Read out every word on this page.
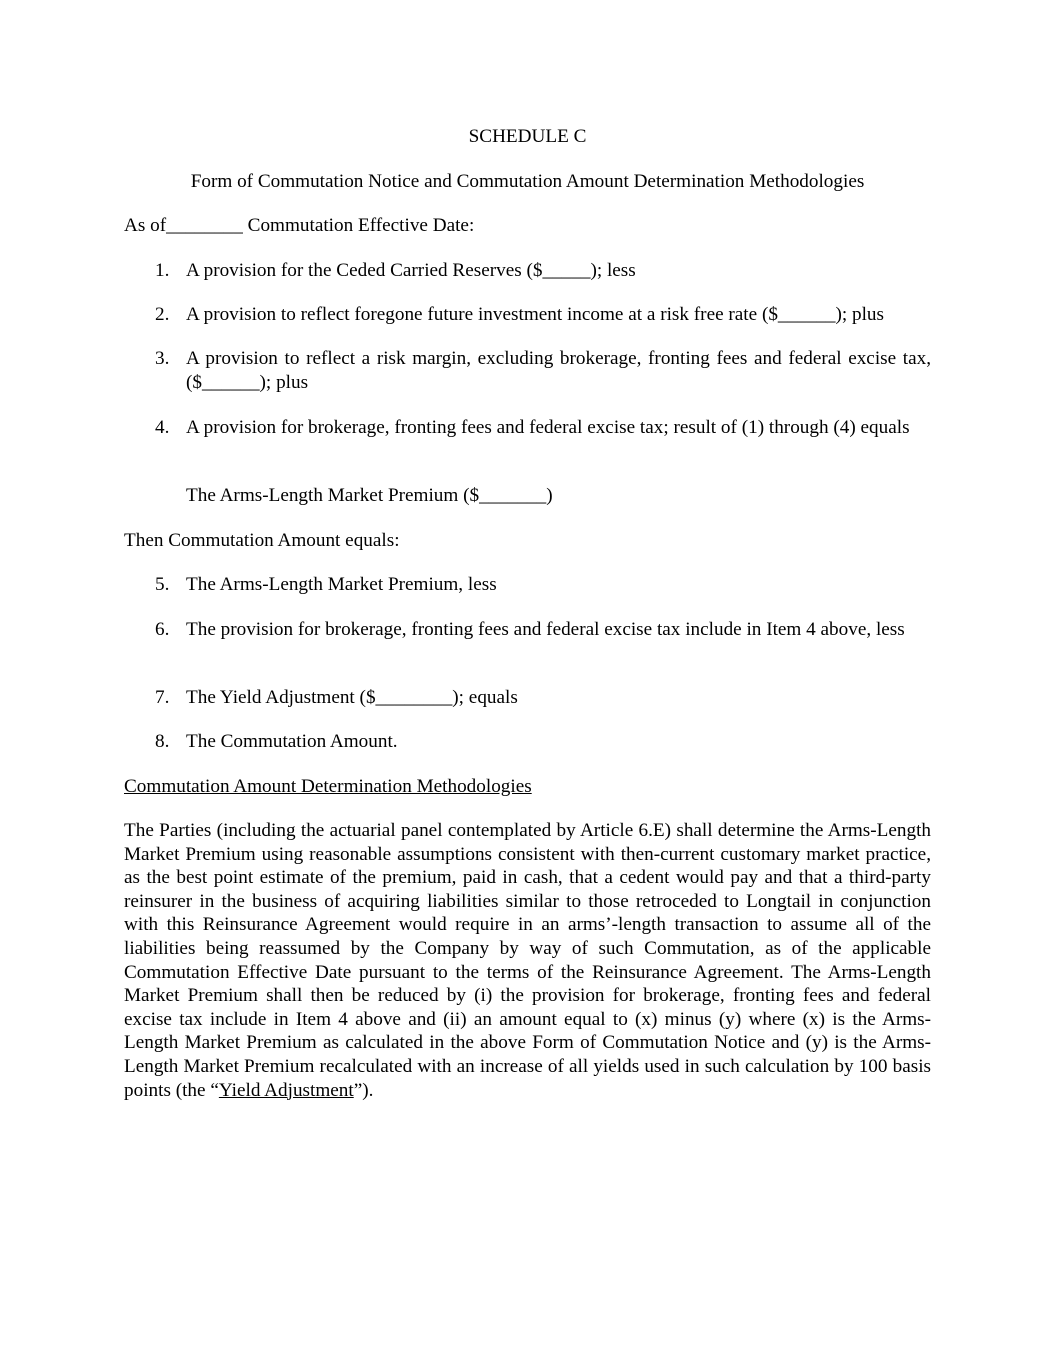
SCHEDULE C
Form of Commutation Notice and Commutation Amount Determination Methodologies
As of________ Commutation Effective Date:
1. A provision for the Ceded Carried Reserves ($_____); less
2. A provision to reflect foregone future investment income at a risk free rate ($______); plus
3. A provision to reflect a risk margin, excluding brokerage, fronting fees and federal excise tax, ($______); plus
4. A provision for brokerage, fronting fees and federal excise tax; result of (1) through (4) equals
The Arms-Length Market Premium ($_______)
Then Commutation Amount equals:
5. The Arms-Length Market Premium, less
6. The provision for brokerage, fronting fees and federal excise tax include in Item 4 above, less
7. The Yield Adjustment ($________); equals
8. The Commutation Amount.
Commutation Amount Determination Methodologies

The Parties (including the actuarial panel contemplated by Article 6.E) shall determine the Arms-Length Market Premium using reasonable assumptions consistent with then-current customary market practice, as the best point estimate of the premium, paid in cash, that a cedent would pay and that a third-party reinsurer in the business of acquiring liabilities similar to those retroceded to Longtail in conjunction with this Reinsurance Agreement would require in an arms’-length transaction to assume all of the liabilities being reassumed by the Company by way of such Commutation, as of the applicable Commutation Effective Date pursuant to the terms of the Reinsurance Agreement. The Arms-Length Market Premium shall then be reduced by (i) the provision for brokerage, fronting fees and federal excise tax include in Item 4 above and (ii) an amount equal to (x) minus (y) where (x) is the Arms-Length Market Premium as calculated in the above Form of Commutation Notice and (y) is the Arms-Length Market Premium recalculated with an increase of all yields used in such calculation by 100 basis points (the “Yield Adjustment”).
